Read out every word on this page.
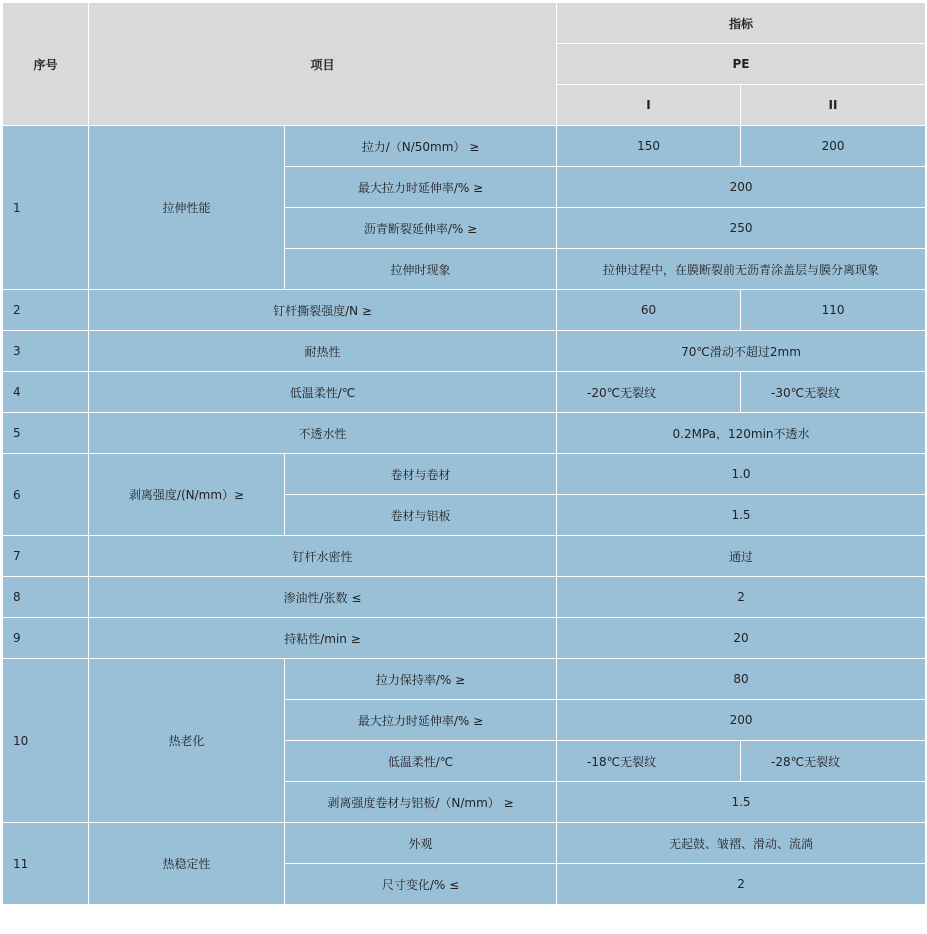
序号	项目		指标	
			PE	
			I	II
1	拉伸性能	拉力/（N/50mm） ≥	150	200
		最大拉力时延伸率/% ≥	200	
		沥青断裂延伸率/% ≥	250	
		拉伸时现象	拉伸过程中，在膜断裂前无沥青涂盖层与膜分离现象	
2	钉杆撕裂强度/N ≥		60	110
3	耐热性		70℃滑动不超过2mm	
4	低温柔性/℃		-20℃无裂纹	-30℃无裂纹
5	不透水性		0.2MPa，120min不透水	
6	剥离强度/(N/mm）≥	卷材与卷材	1.0	
		卷材与铝板	1.5	
7	钉杆水密性		通过	
8	渗油性/张数 ≤		2	
9	持粘性/min ≥		20	
10	热老化	拉力保持率/% ≥	80	
		最大拉力时延伸率/% ≥	200	
		低温柔性/℃	-18℃无裂纹	-28℃无裂纹
		剥离强度卷材与铝板/（N/mm） ≥	1.5	
11	热稳定性	外观	无起鼓、皱褶、滑动、流淌	
		尺寸变化/% ≤	2	
